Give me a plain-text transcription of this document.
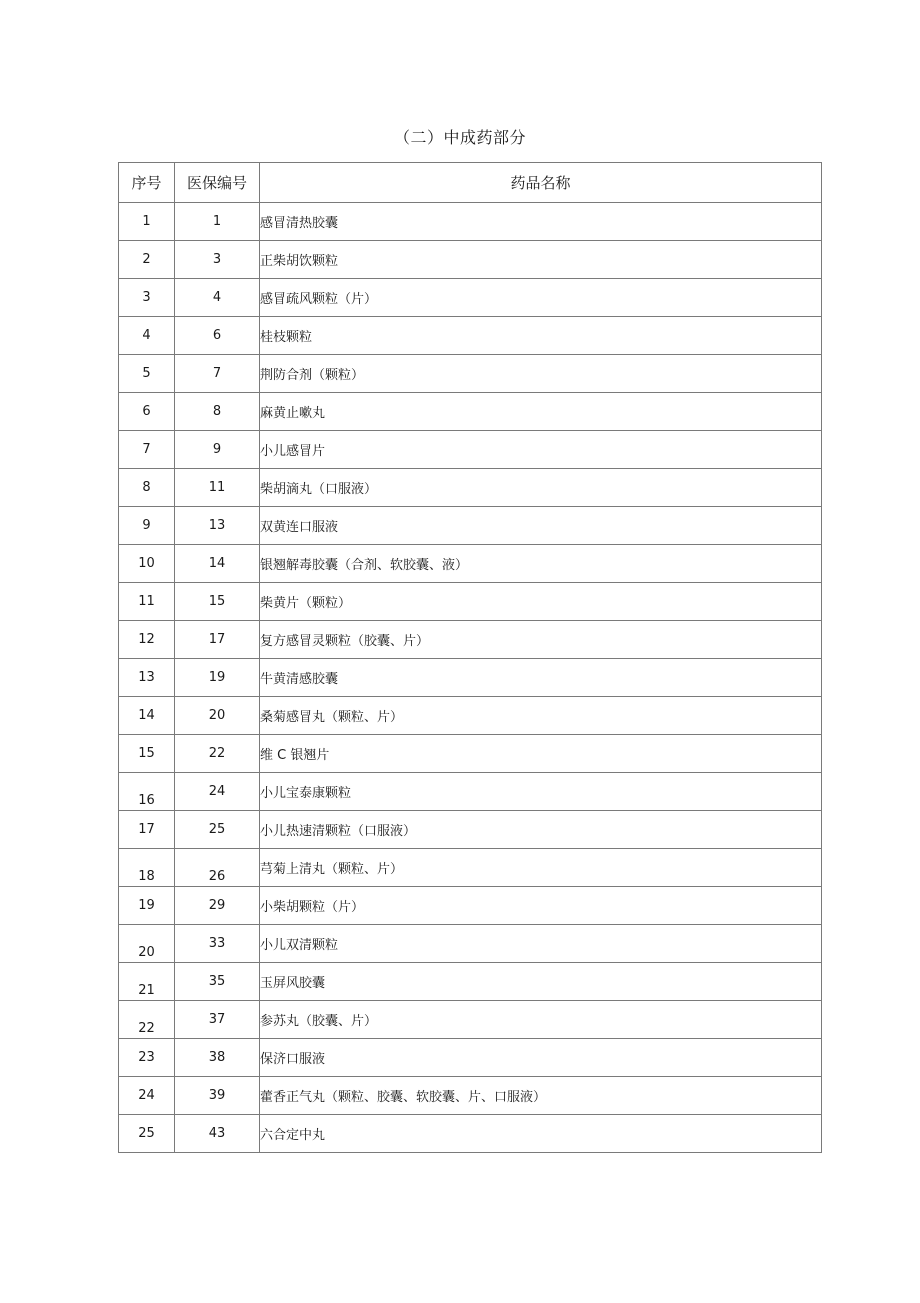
（二）中成药部分
序号	医保编号	药品名称
1	1	感冒清热胶囊
2	3	正柴胡饮颗粒
3	4	感冒疏风颗粒（片）
4	6	桂枝颗粒
5	7	荆防合剂（颗粒）
6	8	麻黄止嗽丸
7	9	小儿感冒片
8	11	柴胡滴丸（口服液）
9	13	双黄连口服液
10	14	银翘解毒胶囊（合剂、软胶囊、液）
11	15	柴黄片（颗粒）
12	17	复方感冒灵颗粒（胶囊、片）
13	19	牛黄清感胶囊
14	20	桑菊感冒丸（颗粒、片）
15	22	维 C 银翘片
16	24	小儿宝泰康颗粒
17	25	小儿热速清颗粒（口服液）
18	26	芎菊上清丸（颗粒、片）
19	29	小柴胡颗粒（片）
20	33	小儿双清颗粒
21	35	玉屏风胶囊
22	37	参苏丸（胶囊、片）
23	38	保济口服液
24	39	藿香正气丸（颗粒、胶囊、软胶囊、片、口服液）
25	43	六合定中丸
